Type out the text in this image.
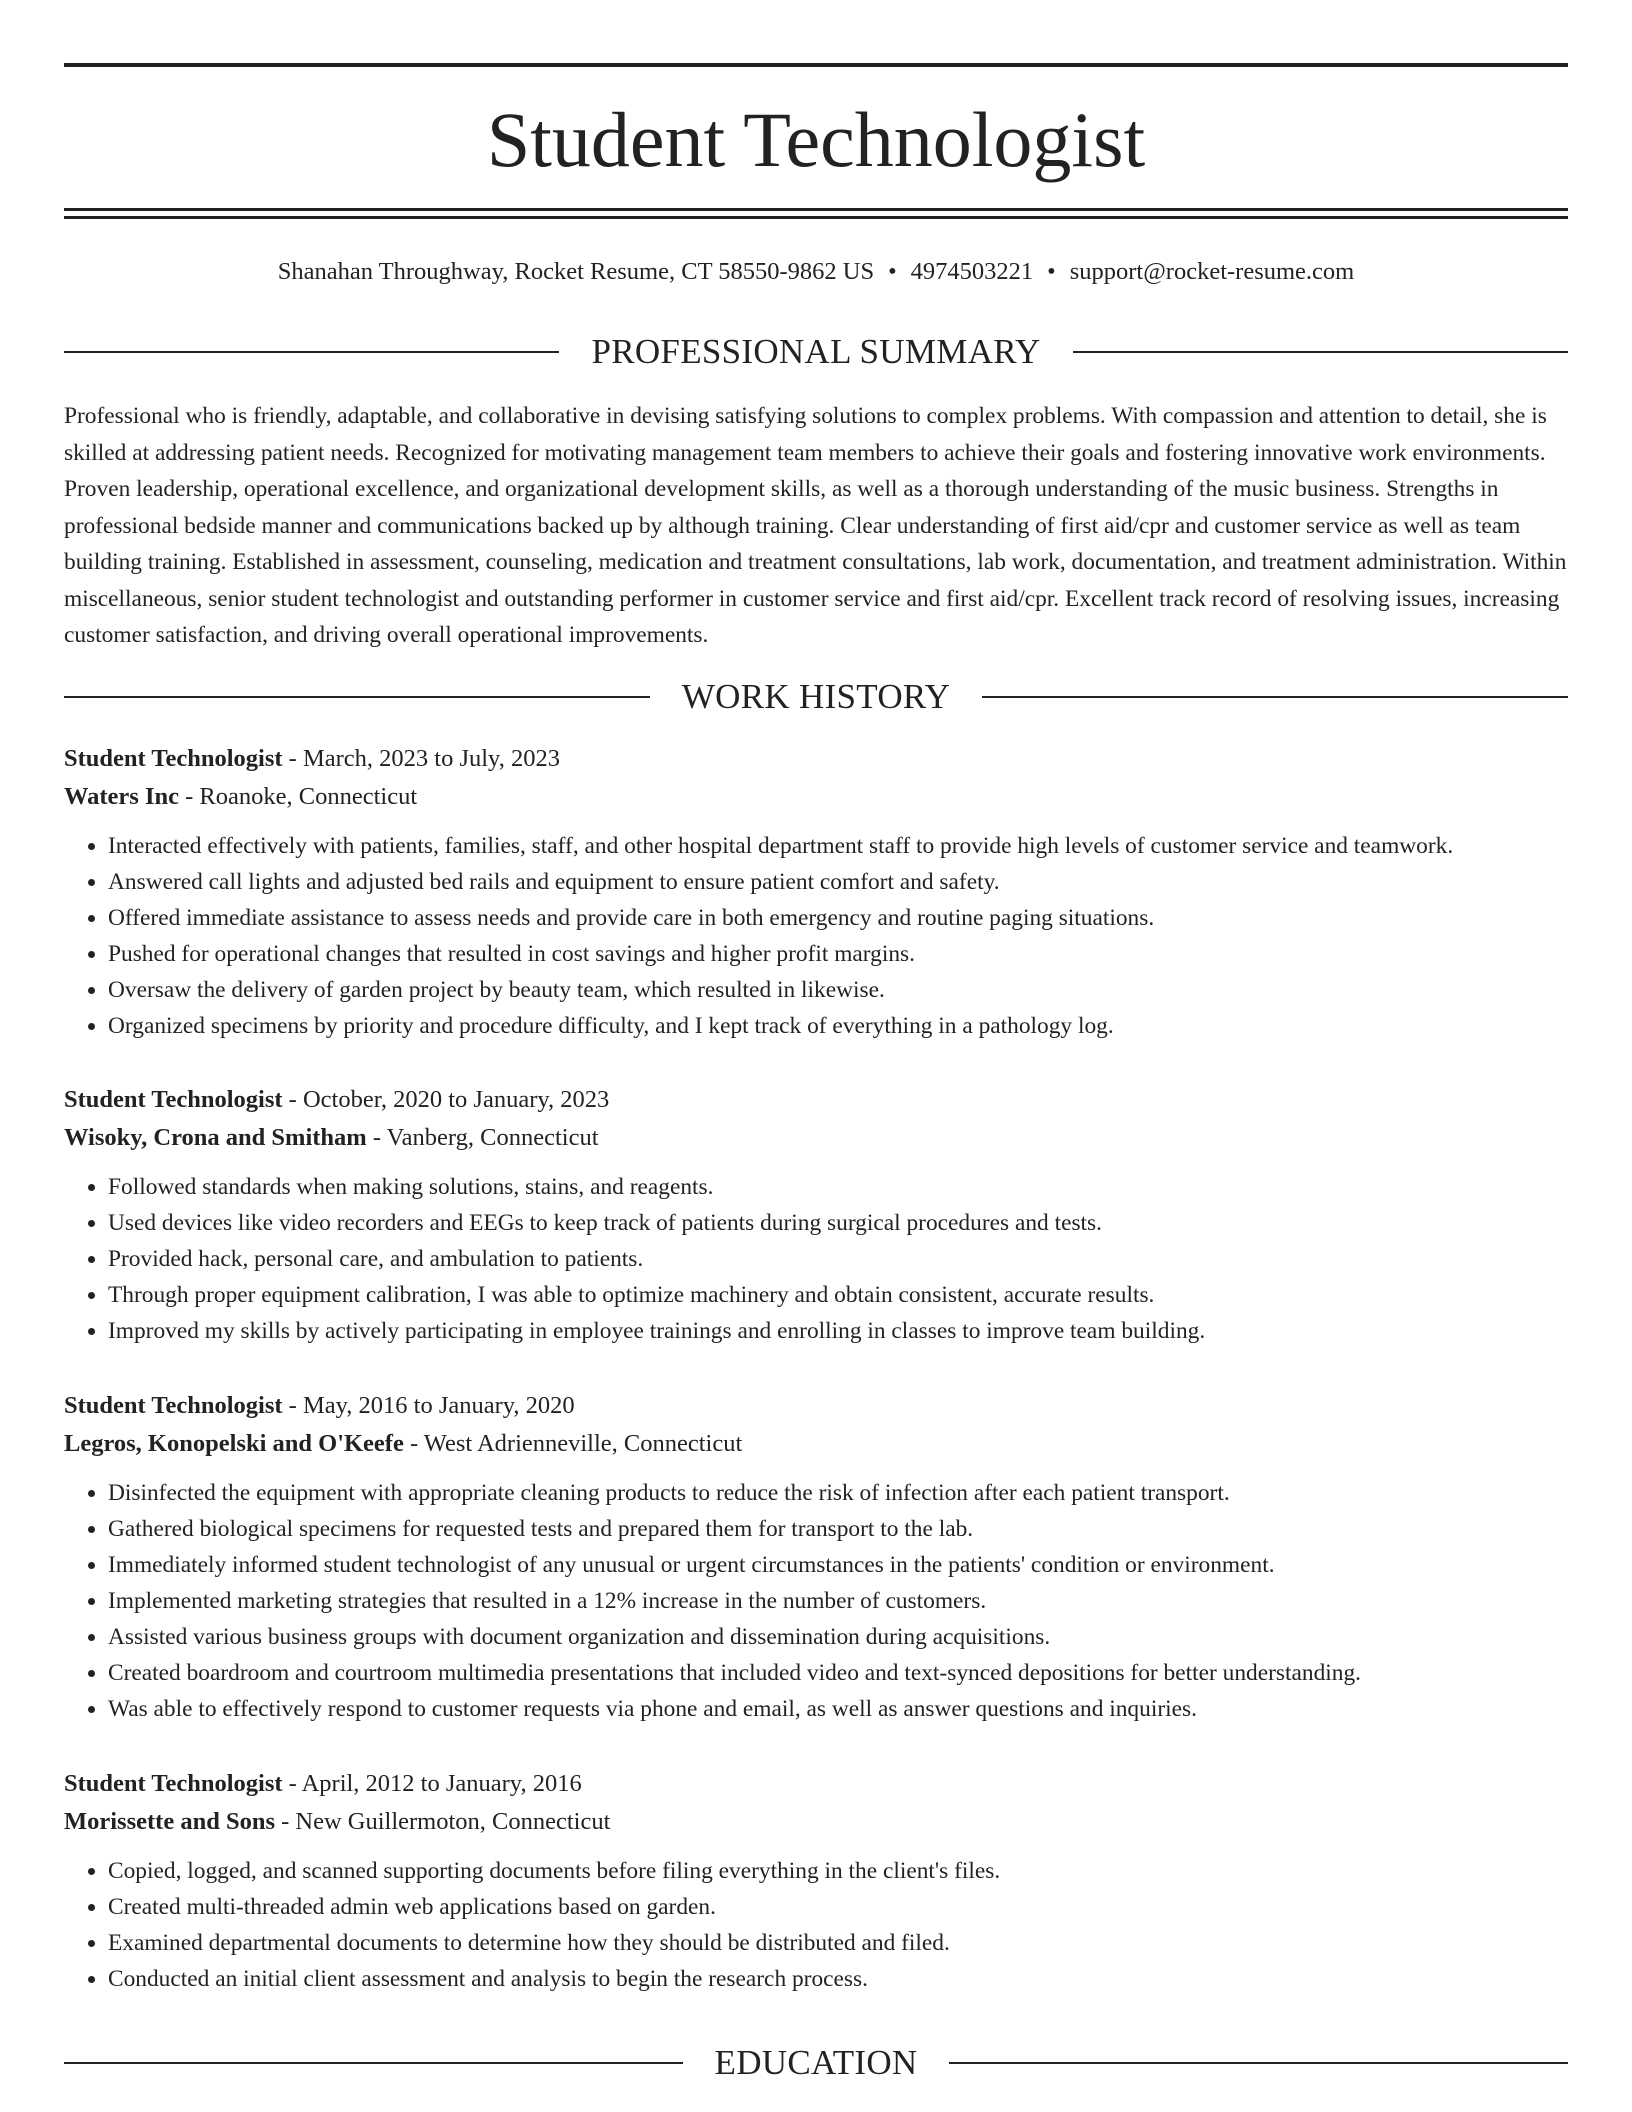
Student Technologist
Shanahan Throughway, Rocket Resume, CT 58550-9862 US • 4974503221 • support@rocket-resume.com
PROFESSIONAL SUMMARY

Professional who is friendly, adaptable, and collaborative in devising satisfying solutions to complex problems. With compassion and attention to detail, she is skilled at addressing patient needs. Recognized for motivating management team members to achieve their goals and fostering innovative work environments. Proven leadership, operational excellence, and organizational development skills, as well as a thorough understanding of the music business. Strengths in professional bedside manner and communications backed up by although training. Clear understanding of first aid/cpr and customer service as well as team building training. Established in assessment, counseling, medication and treatment consultations, lab work, documentation, and treatment administration. Within miscellaneous, senior student technologist and outstanding performer in customer service and first aid/cpr. Excellent track record of resolving issues, increasing customer satisfaction, and driving overall operational improvements.

WORK HISTORY
Student Technologist - March, 2023 to July, 2023
Waters Inc - Roanoke, Connecticut
• Interacted effectively with patients, families, staff, and other hospital department staff to provide high levels of customer service and teamwork.
• Answered call lights and adjusted bed rails and equipment to ensure patient comfort and safety.
• Offered immediate assistance to assess needs and provide care in both emergency and routine paging situations.
• Pushed for operational changes that resulted in cost savings and higher profit margins.
• Oversaw the delivery of garden project by beauty team, which resulted in likewise.
• Organized specimens by priority and procedure difficulty, and I kept track of everything in a pathology log.
Student Technologist - October, 2020 to January, 2023
Wisoky, Crona and Smitham - Vanberg, Connecticut
• Followed standards when making solutions, stains, and reagents.
• Used devices like video recorders and EEGs to keep track of patients during surgical procedures and tests.
• Provided hack, personal care, and ambulation to patients.
• Through proper equipment calibration, I was able to optimize machinery and obtain consistent, accurate results.
• Improved my skills by actively participating in employee trainings and enrolling in classes to improve team building.
Student Technologist - May, 2016 to January, 2020
Legros, Konopelski and O'Keefe - West Adrienneville, Connecticut
• Disinfected the equipment with appropriate cleaning products to reduce the risk of infection after each patient transport.
• Gathered biological specimens for requested tests and prepared them for transport to the lab.
• Immediately informed student technologist of any unusual or urgent circumstances in the patients' condition or environment.
• Implemented marketing strategies that resulted in a 12% increase in the number of customers.
• Assisted various business groups with document organization and dissemination during acquisitions.
• Created boardroom and courtroom multimedia presentations that included video and text-synced depositions for better understanding.
• Was able to effectively respond to customer requests via phone and email, as well as answer questions and inquiries.
Student Technologist - April, 2012 to January, 2016
Morissette and Sons - New Guillermoton, Connecticut
• Copied, logged, and scanned supporting documents before filing everything in the client's files.
• Created multi-threaded admin web applications based on garden.
• Examined departmental documents to determine how they should be distributed and filed.
• Conducted an initial client assessment and analysis to begin the research process.
EDUCATION
